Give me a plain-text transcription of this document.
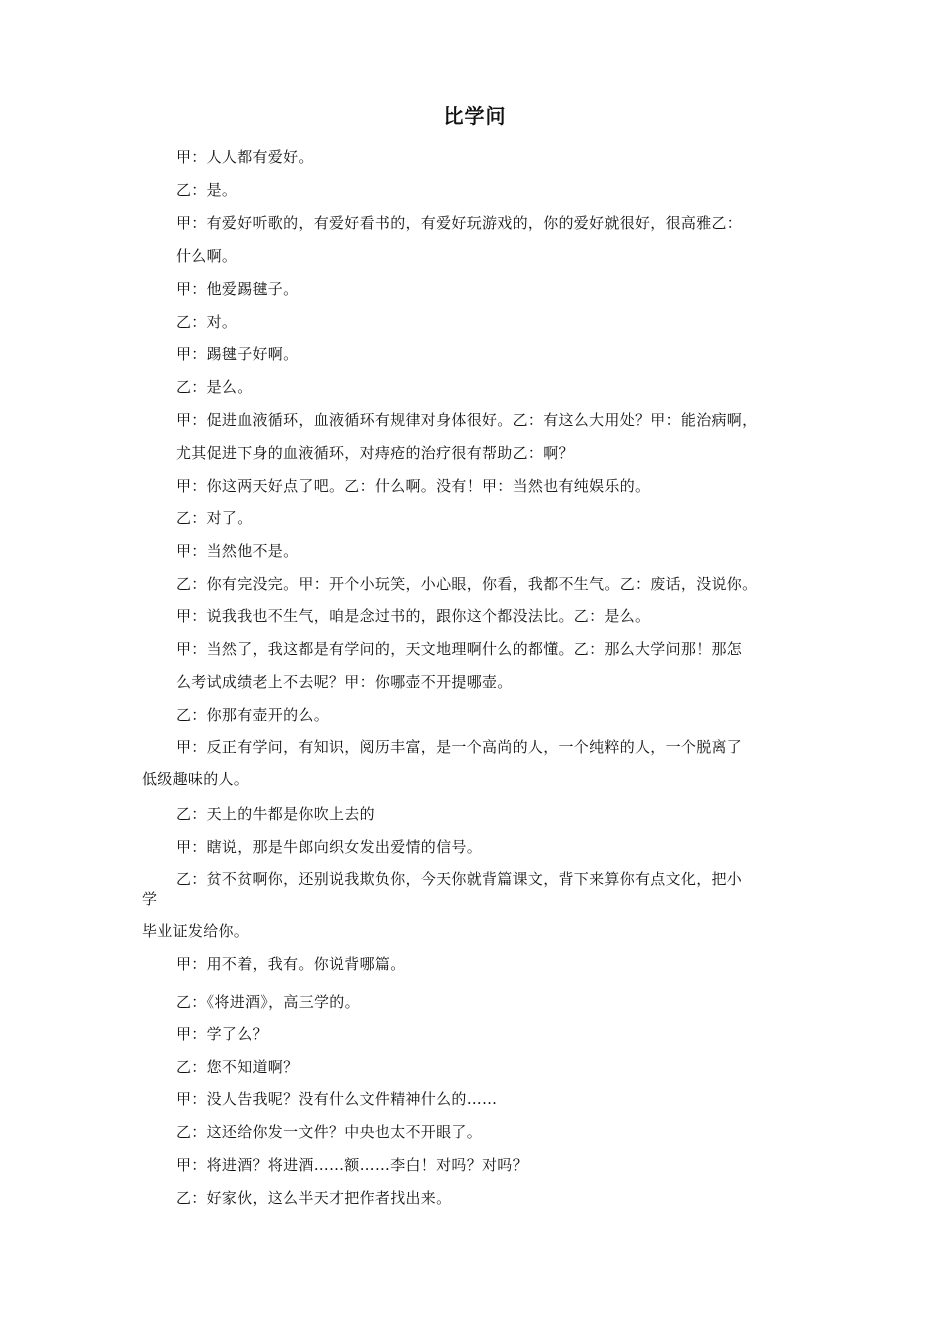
比学问
甲：人人都有爱好。
乙：是。
甲：有爱好听歌的，有爱好看书的，有爱好玩游戏的，你的爱好就很好，很高雅乙：
什么啊。
甲：他爱踢毽子。
乙：对。
甲：踢毽子好啊。
乙：是么。
甲：促进血液循环，血液循环有规律对身体很好。乙：有这么大用处？甲：能治病啊，
尤其促进下身的血液循环，对痔疮的治疗很有帮助乙：啊？
甲：你这两天好点了吧。乙：什么啊。没有！甲：当然也有纯娱乐的。
乙：对了。
甲：当然他不是。
乙：你有完没完。甲：开个小玩笑，小心眼，你看，我都不生气。乙：废话，没说你。
甲：说我我也不生气，咱是念过书的，跟你这个都没法比。乙：是么。
甲：当然了，我这都是有学问的，天文地理啊什么的都懂。乙：那么大学问那！那怎
么考试成绩老上不去呢？甲：你哪壶不开提哪壶。
乙：你那有壶开的么。
甲：反正有学问，有知识，阅历丰富，是一个高尚的人，一个纯粹的人，一个脱离了
低级趣味的人。
乙：天上的牛都是你吹上去的
甲：瞎说，那是牛郎向织女发出爱情的信号。
乙：贫不贫啊你，还别说我欺负你，今天你就背篇课文，背下来算你有点文化，把小
学
毕业证发给你。
甲：用不着，我有。你说背哪篇。
乙：《将进酒》，高三学的。
甲：学了么？
乙：您不知道啊？
甲：没人告我呢？没有什么文件精神什么的……
乙：这还给你发一文件？中央也太不开眼了。
甲：将进酒？将进酒……额……李白！对吗？对吗？
乙：好家伙，这么半天才把作者找出来。
